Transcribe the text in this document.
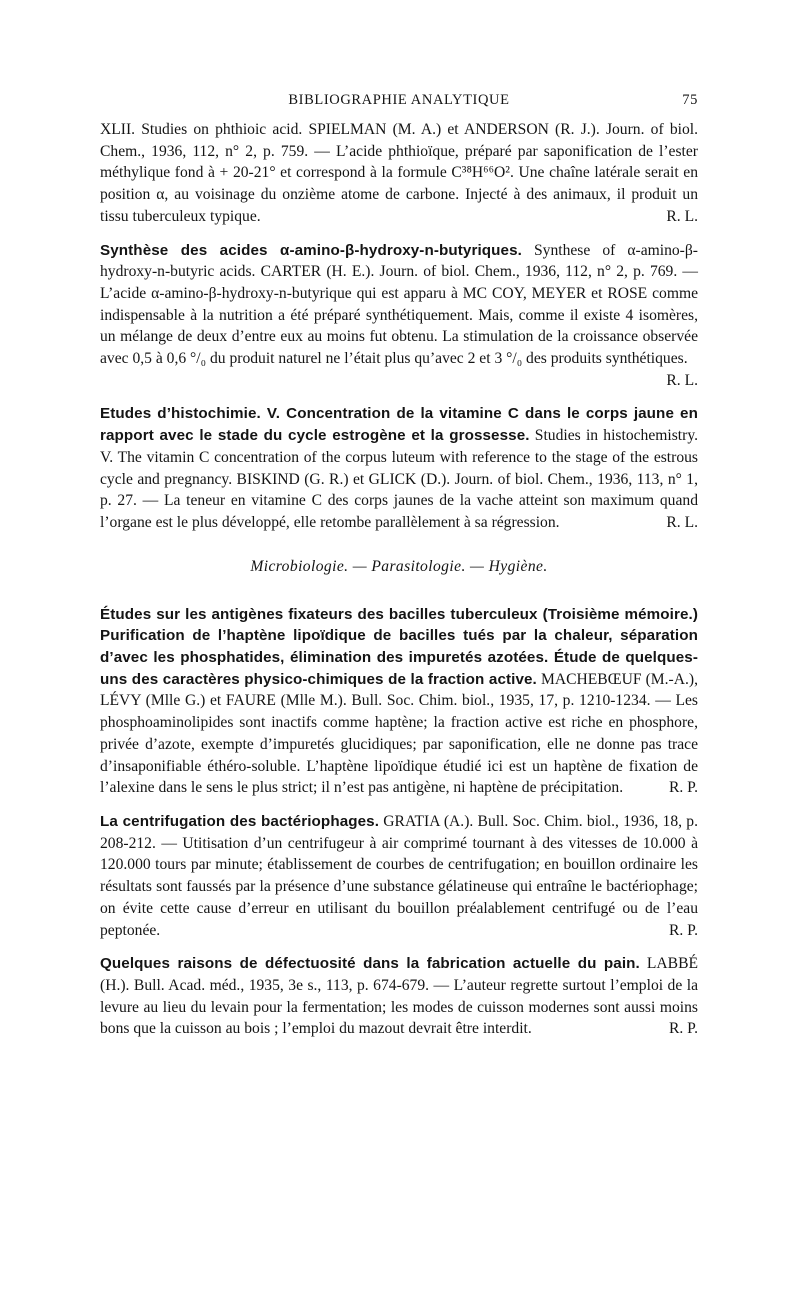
BIBLIOGRAPHIE ANALYTIQUE	75

XLII. Studies on phthioic acid. SPIELMAN (M. A.) et ANDERSON (R. J.). Journ. of biol. Chem., 1936, 112, n° 2, p. 759. — L’acide phthioïque, préparé par saponification de l’ester méthylique fond à + 20-21° et correspond à la formule C³⁸H⁶⁶O². Une chaîne latérale serait en position α, au voisinage du onzième atome de carbone. Injecté à des animaux, il produit un tissu tuberculeux typique.	R. L.

Synthèse des acides α-amino-β-hydroxy-n-butyriques. Synthese of α-amino-β-hydroxy-n-butyric acids. CARTER (H. E.). Journ. of biol. Chem., 1936, 112, n° 2, p. 769. — L’acide α-amino-β-hydroxy-n-butyrique qui est apparu à MC COY, MEYER et ROSE comme indispensable à la nutrition a été préparé synthétiquement. Mais, comme il existe 4 isomères, un mélange de deux d’entre eux au moins fut obtenu. La stimulation de la croissance observée avec 0,5 à 0,6 °/₀ du produit naturel ne l’était plus qu’avec 2 et 3 °/₀ des produits synthétiques.
R. L.

Etudes d’histochimie. V. Concentration de la vitamine C dans le corps jaune en rapport avec le stade du cycle estrogène et la grossesse. Studies in histochemistry. V. The vitamin C concentration of the corpus luteum with reference to the stage of the estrous cycle and pregnancy. BISKIND (G. R.) et GLICK (D.). Journ. of biol. Chem., 1936, 113, n° 1, p. 27. — La teneur en vitamine C des corps jaunes de la vache atteint son maximum quand l’organe est le plus développé, elle retombe parallèlement à sa régression.	R. L.

Microbiologie. — Parasitologie. — Hygiène.

Études sur les antigènes fixateurs des bacilles tuberculeux (Troisième mémoire.) Purification de l’haptène lipoïdique de bacilles tués par la chaleur, séparation d’avec les phosphatides, élimination des impuretés azotées. Étude de quelques-uns des caractères physico-chimiques de la fraction active. MACHEBŒUF (M.-A.), LÉVY (Mlle G.) et FAURE (Mlle M.). Bull. Soc. Chim. biol., 1935, 17, p. 1210-1234. — Les phosphoaminolipides sont inactifs comme haptène; la fraction active est riche en phosphore, privée d’azote, exempte d’impuretés glucidiques; par saponification, elle ne donne pas trace d’insaponifiable éthéro-soluble. L’haptène lipoïdique étudié ici est un haptène de fixation de l’alexine dans le sens le plus strict; il n’est pas antigène, ni haptène de précipitation.	R. P.

La centrifugation des bactériophages. GRATIA (A.). Bull. Soc. Chim. biol., 1936, 18, p. 208-212. — Utitisation d’un centrifugeur à air comprimé tournant à des vitesses de 10.000 à 120.000 tours par minute; établissement de courbes de centrifugation; en bouillon ordinaire les résultats sont faussés par la présence d’une substance gélatineuse qui entraîne le bactériophage; on évite cette cause d’erreur en utilisant du bouillon préalablement centrifugé ou de l’eau peptonée.	R. P.

Quelques raisons de défectuosité dans la fabrication actuelle du pain. LABBÉ (H.). Bull. Acad. méd., 1935, 3e s., 113, p. 674-679. — L’auteur regrette surtout l’emploi de la levure au lieu du levain pour la fermentation; les modes de cuisson modernes sont aussi moins bons que la cuisson au bois ; l’emploi du mazout devrait être interdit.	R. P.
